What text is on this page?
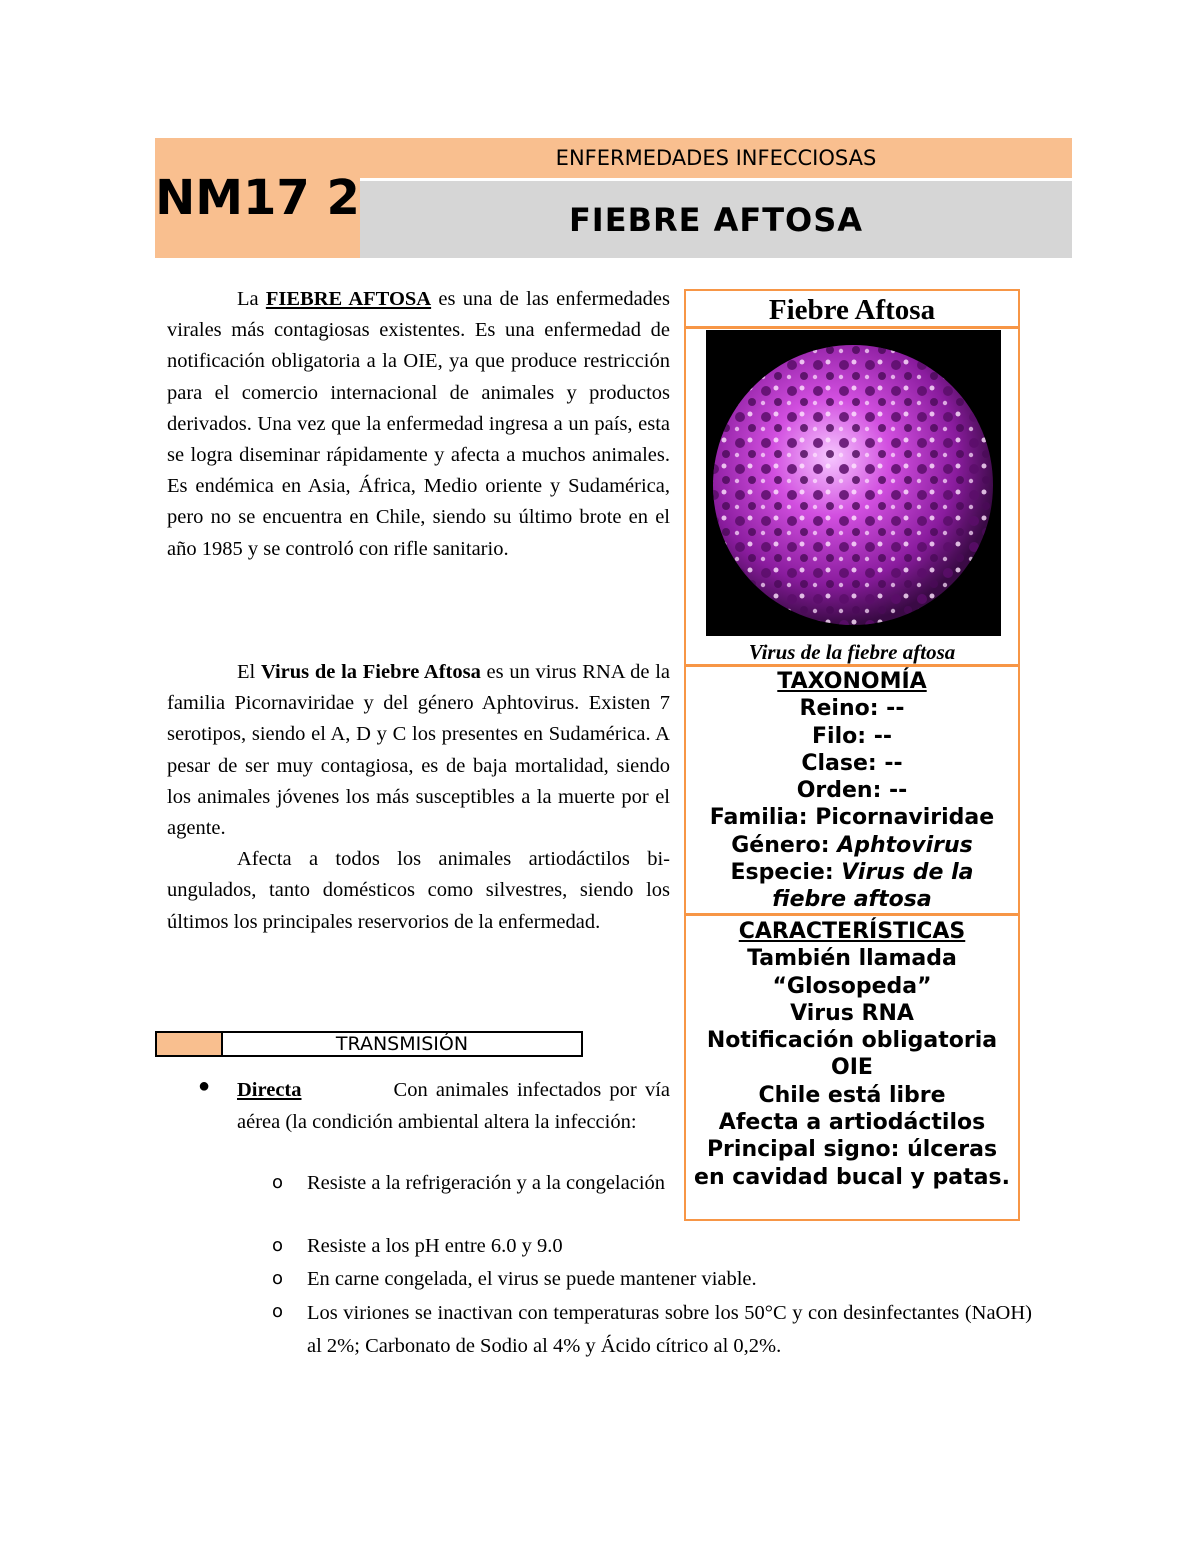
NM17 2
ENFERMEDADES INFECCIOSAS
FIEBRE AFTOSA

La FIEBRE AFTOSA es una de las enfermedades virales más contagiosas existentes. Es una enfermedad de notificación obligatoria a la OIE, ya que produce restricción para el comercio internacional de animales y productos derivados. Una vez que la enfermedad ingresa a un país, esta se logra diseminar rápidamente y afecta a muchos animales. Es endémica en Asia, África, Medio oriente y Sudamérica, pero no se encuentra en Chile, siendo su último brote en el año 1985 y se controló con rifle sanitario.

El Virus de la Fiebre Aftosa es un virus RNA de la familia Picornaviridae y del género Aphtovirus. Existen 7 serotipos, siendo el A, D y C los presentes en Sudamérica. A pesar de ser muy contagiosa, es de baja mortalidad, siendo los animales jóvenes los más susceptibles a la muerte por el agente.

Afecta a todos los animales artiodáctilos bi-ungulados, tanto domésticos como silvestres, siendo los últimos los principales reservorios de la enfermedad.

TRANSMISIÓN
● Directa	Con animales infectados por vía aérea (la condición ambiental altera la infección:
o Resiste a la refrigeración y a la congelación
o Resiste a los pH entre 6.0 y 9.0
o En carne congelada, el virus se puede mantener viable.
o Los viriones se inactivan con temperaturas sobre los 50°C y con desinfectantes (NaOH) al 2%; Carbonato de Sodio al 4% y Ácido cítrico al 0,2%.
Fiebre Aftosa
Virus de la fiebre aftosa
TAXONOMÍA
Reino: --
Filo: --
Clase: --
Orden: --
Familia: Picornaviridae
Género: Aphtovirus
Especie: Virus de la fiebre aftosa
CARACTERÍSTICAS
También llamada “Glosopeda”
Virus RNA
Notificación obligatoria OIE
Chile está libre
Afecta a artiodáctilos
Principal signo: úlceras en cavidad bucal y patas.
